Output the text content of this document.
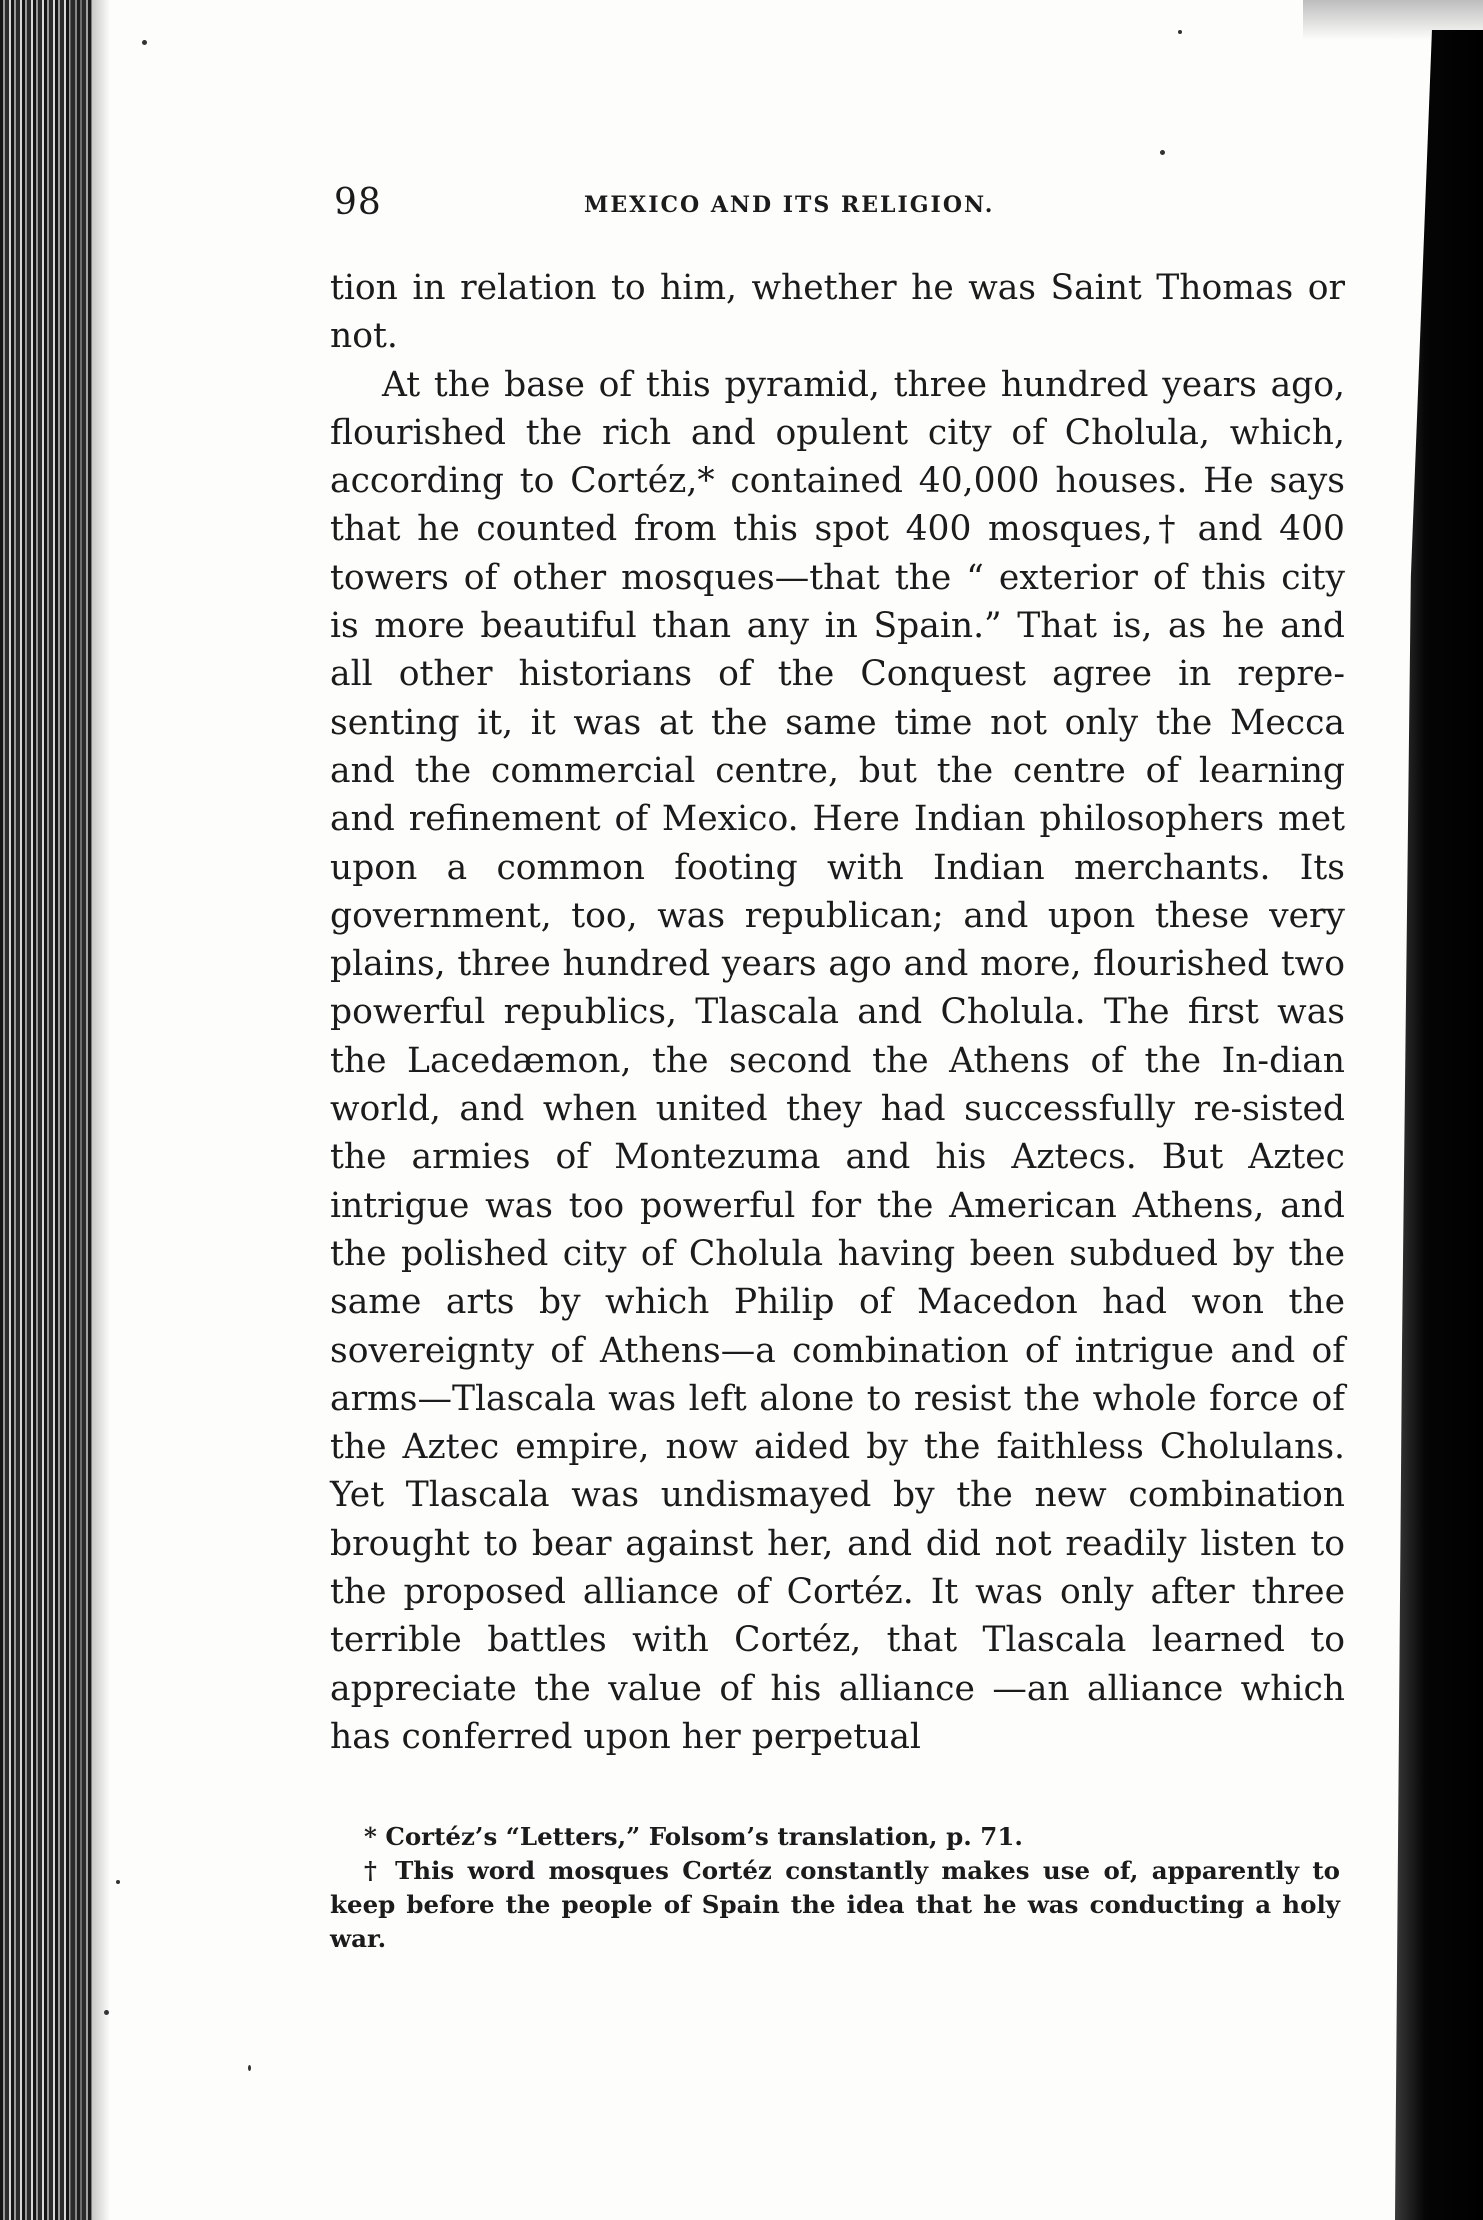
98	MEXICO AND ITS RELIGION.

tion in relation to him, whether he was Saint Thomas or not.

At the base of this pyramid, three hundred years ago, flourished the rich and opulent city of Cholula, which, according to Cortéz,* contained 40,000 houses. He says that he counted from this spot 400 mosques,† and 400 towers of other mosques—that the “ exterior of this city is more beautiful than any in Spain.” That is, as he and all other historians of the Conquest agree in repre-senting it, it was at the same time not only the Mecca and the commercial centre, but the centre of learning and refinement of Mexico. Here Indian philosophers met upon a common footing with Indian merchants. Its government, too, was republican; and upon these very plains, three hundred years ago and more, flourished two powerful republics, Tlascala and Cholula. The first was the Lacedæmon, the second the Athens of the In-dian world, and when united they had successfully re-sisted the armies of Montezuma and his Aztecs. But Aztec intrigue was too powerful for the American Athens, and the polished city of Cholula having been subdued by the same arts by which Philip of Macedon had won the sovereignty of Athens—a combination of intrigue and of arms—Tlascala was left alone to resist the whole force of the Aztec empire, now aided by the faithless Cholulans. Yet Tlascala was undismayed by the new combination brought to bear against her, and did not readily listen to the proposed alliance of Cortéz. It was only after three terrible battles with Cortéz, that Tlascala learned to appreciate the value of his alliance —an alliance which has conferred upon her perpetual

* Cortéz’s “Letters,” Folsom’s translation, p. 71.

† This word mosques Cortéz constantly makes use of, apparently to keep before the people of Spain the idea that he was conducting a holy war.
